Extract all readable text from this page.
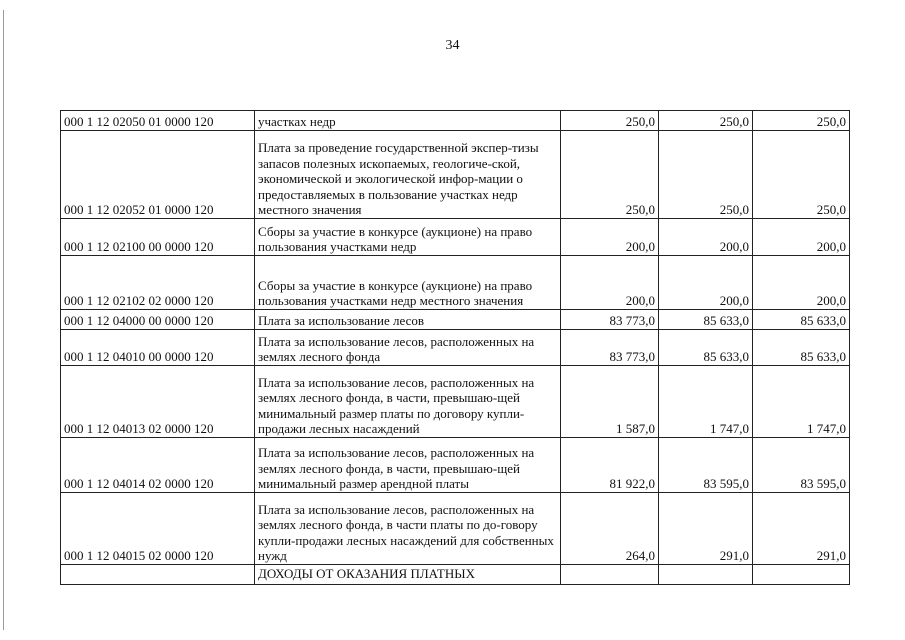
34
000 1 12 02050 01 0000 120	участках недр	250,0	250,0	250,0
000 1 12 02052 01 0000 120	Плата за проведение государственной экспер-тизы запасов полезных ископаемых, геологиче-ской, экономической и экологической инфор-мации о предоставляемых в пользование участках недр местного значения	250,0	250,0	250,0
000 1 12 02100 00 0000 120	Сборы за участие в конкурсе (аукционе) на право пользования участками недр	200,0	200,0	200,0
000 1 12 02102 02 0000 120	Сборы за участие в конкурсе (аукционе) на право пользования участками недр местного значения	200,0	200,0	200,0
000 1 12 04000 00 0000 120	Плата за использование лесов	83 773,0	85 633,0	85 633,0
000 1 12 04010 00 0000 120	Плата за использование лесов, расположенных на землях лесного фонда	83 773,0	85 633,0	85 633,0
000 1 12 04013 02 0000 120	Плата за использование лесов, расположенных на землях лесного фонда, в части, превышаю-щей минимальный размер платы по договору купли-продажи лесных насаждений	1 587,0	1 747,0	1 747,0
000 1 12 04014 02 0000 120	Плата за использование лесов, расположенных на землях лесного фонда, в части, превышаю-щей минимальный размер арендной платы	81 922,0	83 595,0	83 595,0
000 1 12 04015 02 0000 120	Плата за использование лесов, расположенных на землях лесного фонда, в части платы по до-говору купли-продажи лесных насаждений для собственных нужд	264,0	291,0	291,0
	ДОХОДЫ ОТ ОКАЗАНИЯ ПЛАТНЫХ			
